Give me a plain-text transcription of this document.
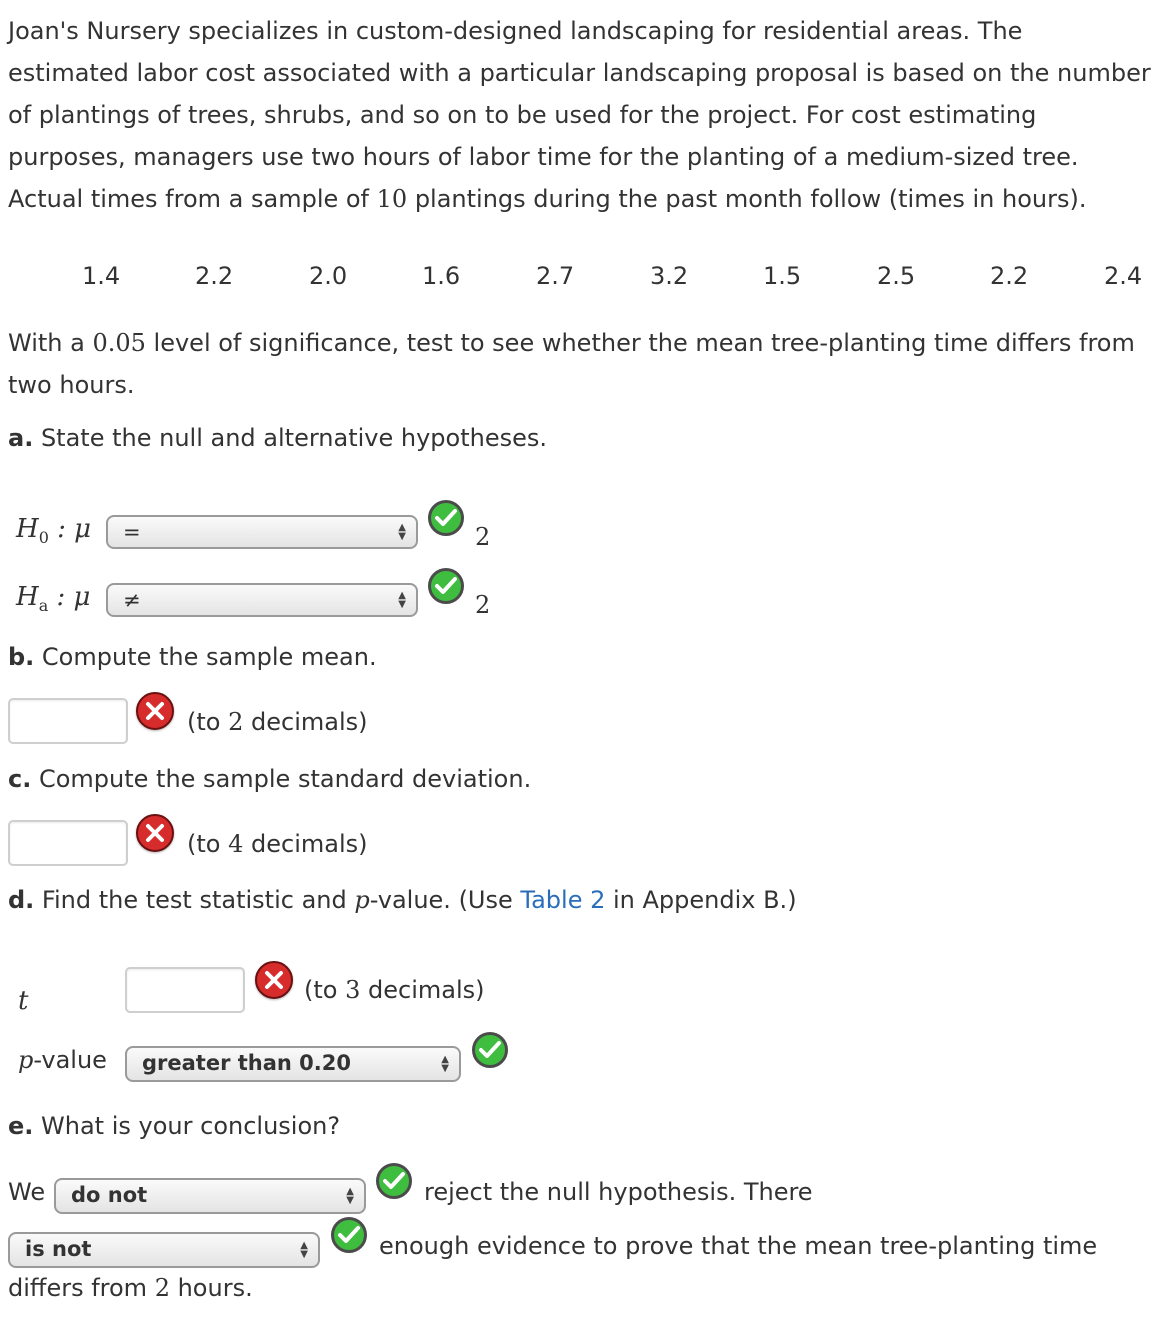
Joan's Nursery specializes in custom-designed landscaping for residential areas. The
estimated labor cost associated with a particular landscaping proposal is based on the number
of plantings of trees, shrubs, and so on to be used for the project. For cost estimating
purposes, managers use two hours of labor time for the planting of a medium-sized tree.
Actual times from a sample of 10 plantings during the past month follow (times in hours).
1.4	2.2	2.0	1.6	2.7	3.2	1.5	2.5	2.2	2.4
With a 0.05 level of significance, test to see whether the mean tree-planting time differs from
two hours.
a. State the null and alternative hypotheses.
$H_0$ : μ	=	▲
▼	2
$H_a$ : μ	≠	▲
▼	2
b. Compute the sample mean.
(to 2 decimals)
c. Compute the sample standard deviation.
(to 4 decimals)
d. Find the test statistic and p-value. (Use Table 2 in Appendix B.)
t	(to 3 decimals)
p-value	greater than 0.20	▲
▼
e. What is your conclusion?
We	do not	▲
▼	reject the null hypothesis. There
is not	▲
▼	enough evidence to prove that the mean tree-planting time
differs from 2 hours.
